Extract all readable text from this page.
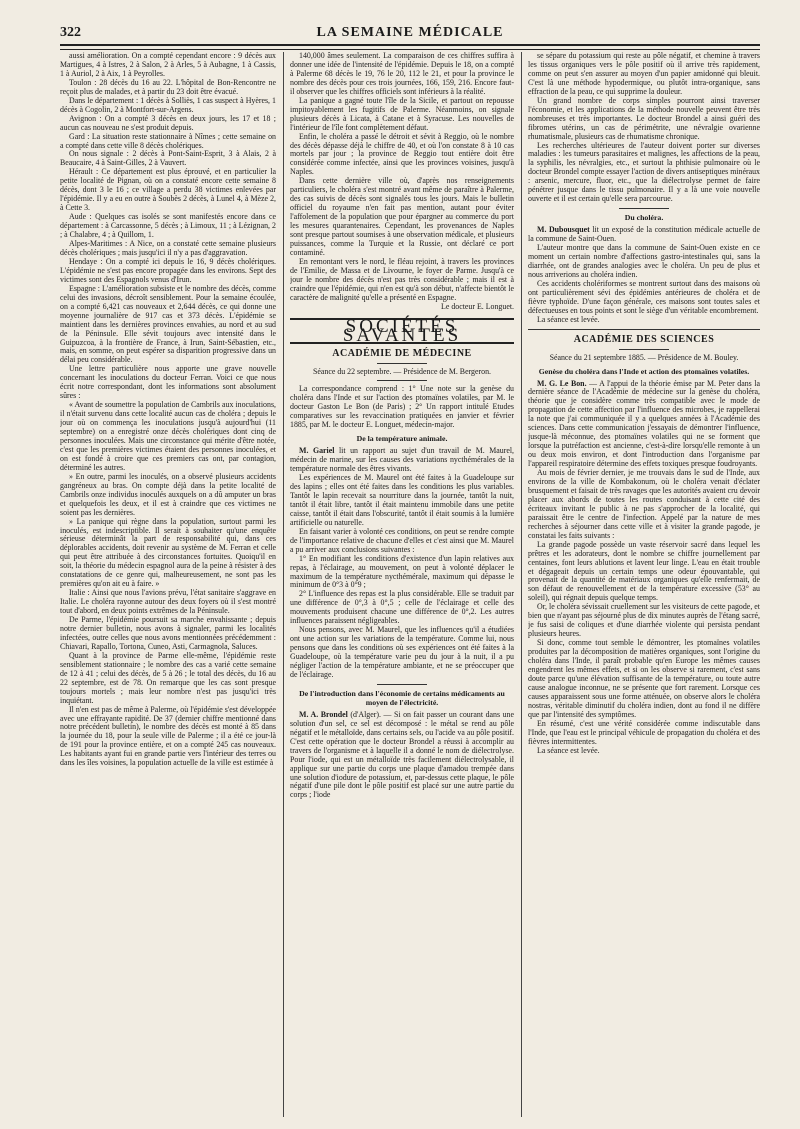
322	LA SEMAINE MÉDICALE

aussi amélioration. On a compté cependant encore : 9 décès aux Martigues, 4 à Istres, 2 à Salon, 2 à Arles, 5 à Aubagne, 1 à Cassis, 1 à Auriol, 2 à Aix, 1 à Peyrolles.

Toulon : 28 décès du 16 au 22. L'hôpital de Bon-Rencontre ne reçoit plus de malades, et à partir du 23 doit être évacué.

Dans le département : 1 décès à Solliès, 1 cas suspect à Hyères, 1 décès à Cogolin, 2 à Montfort-sur-Argens.

Avignon : On a compté 3 décès en deux jours, les 17 et 18 ; aucun cas nouveau ne s'est produit depuis.

Gard : La situation reste stationnaire à Nîmes ; cette semaine on a compté dans cette ville 8 décès cholériques.

On nous signale : 2 décès à Pont-Saint-Esprit, 3 à Alais, 2 à Beaucaire, 4 à Saint-Gilles, 2 à Vauvert.

Hérault : Ce département est plus éprouvé, et en particulier la petite localité de Pignan, où on a constaté encore cette semaine 8 décès, dont 3 le 16 ; ce village a perdu 38 victimes enlevées par l'épidémie. Il y a eu en outre à Soubès 2 décès, à Lunel 4, à Mèze 2, à Cette 3.

Aude : Quelques cas isolés se sont manifestés encore dans ce département : à Carcassonne, 5 décès ; à Limoux, 11 ; à Lézignan, 2 ; à Chalabre, 4 ; à Quillom, 1.

Alpes-Maritimes : A Nice, on a constaté cette semaine plusieurs décès cholériques ; mais jusqu'ici il n'y a pas d'aggravation.

Hendaye : On a compté ici depuis le 16, 9 décès cholériques. L'épidémie ne s'est pas encore propagée dans les environs. Sept des victimes sont des Espagnols venus d'Irun.

Espagne : L'amélioration subsiste et le nombre des décès, comme celui des invasions, décroît sensiblement. Pour la semaine écoulée, on a compté 6,421 cas nouveaux et 2,644 décès, ce qui donne une moyenne journalière de 917 cas et 373 décès. L'épidémie se maintient dans les dernières provinces envahies, au nord et au sud de la Péninsule. Elle sévit toujours avec intensité dans le Guipuzcoa, à la frontière de France, à Irun, Saint-Sébastien, etc., mais, en somme, on peut espérer sa disparition progressive dans un délai peu considérable.

Une lettre particulière nous apporte une grave nouvelle concernant les inoculations du docteur Ferran. Voici ce que nous écrit notre correspondant, dont les informations sont absolument sûres :

« Avant de soumettre la population de Cambrils aux inoculations, il n'était survenu dans cette localité aucun cas de choléra ; depuis le jour où on commença les inoculations jusqu'à aujourd'hui (11 septembre) on a enregistré onze décès cholériques dont cinq de personnes inoculées. Mais une circonstance qui mérite d'être notée, c'est que les premières victimes étaient des personnes inoculées, et on est fondé à croire que ces premiers cas ont, par contagion, déterminé les autres.

» En outre, parmi les inoculés, on a observé plusieurs accidents gangréneux au bras. On compte déjà dans la petite localité de Cambrils onze individus inoculés auxquels on a dû amputer un bras et quelquefois les deux, et il est à craindre que ces victimes ne soient pas les dernières.

» La panique qui règne dans la population, surtout parmi les inoculés, est indescriptible. Il serait à souhaiter qu'une enquête sérieuse déterminât la part de responsabilité qui, dans ces déplorables accidents, doit revenir au système de M. Ferran et celle qui peut être attribuée à des circonstances fortuites. Quoiqu'il en soit, la théorie du médecin espagnol aura de la peine à résister à des constatations de ce genre qui, malheureusement, ne sont pas les premières qu'on ait eu à faire. »

Italie : Ainsi que nous l'avions prévu, l'état sanitaire s'aggrave en Italie. Le choléra rayonne autour des deux foyers où il s'est montré tout d'abord, en deux points extrêmes de la Péninsule.

De Parme, l'épidémie poursuit sa marche envahissante ; depuis notre dernier bulletin, nous avons à signaler, parmi les localités infectées, outre celles que nous avons mentionnées précédemment : Chiavari, Rapallo, Tortona, Cuneo, Asti, Carmagnola, Saluces.

Quant à la province de Parme elle-même, l'épidémie reste sensiblement stationnaire ; le nombre des cas a varié cette semaine de 12 à 41 ; celui des décès, de 5 à 26 ; le total des décès, du 16 au 22 septembre, est de 78. On remarque que les cas sont presque toujours mortels ; mais leur nombre n'est pas jusqu'ici très inquiétant.

Il n'en est pas de même à Palerme, où l'épidémie s'est développée avec une effrayante rapidité. De 37 (dernier chiffre mentionné dans notre précédent bulletin), le nombre des décès est monté à 85 dans la journée du 18, pour la seule ville de Palerme ; il a été ce jour-là de 191 pour la province entière, et on a compté 245 cas nouveaux. Les habitants ayant fui en grande partie vers l'intérieur des terres ou dans les îles voisines, la population actuelle de la ville est estimée à

140,000 âmes seulement. La comparaison de ces chiffres suffira à donner une idée de l'intensité de l'épidémie. Depuis le 18, on a compté à Palerme 68 décès le 19, 76 le 20, 112 le 21, et pour la province le nombre des décès pour ces trois journées, 166, 159, 216. Encore faut-il observer que les chiffres officiels sont inférieurs à la réalité.

La panique a gagné toute l'île de la Sicile, et partout on repousse impitoyablement les fugitifs de Palerme. Néanmoins, on signale plusieurs décès à Licata, à Catane et à Syracuse. Les nouvelles de l'intérieur de l'île font complètement défaut.

Enfin, le choléra a passé le détroit et sévit à Reggio, où le nombre des décès dépasse déjà le chiffre de 40, et où l'on constate 8 à 10 cas mortels par jour ; la province de Reggio tout entière doit être considérée comme infectée, ainsi que les provinces voisines, jusqu'à Naples.

Dans cette dernière ville où, d'après nos renseignements particuliers, le choléra s'est montré avant même de paraître à Palerme, des cas suivis de décès sont signalés tous les jours. Mais le bulletin officiel du royaume n'en fait pas mention, autant pour éviter l'affolement de la population que pour épargner au commerce du port les mesures quarantenaires. Cependant, les provenances de Naples sont presque partout soumises à une observation médicale, et plusieurs puissances, comme la Turquie et la Russie, ont déclaré ce port contaminé.

En remontant vers le nord, le fléau rejoint, à travers les provinces de l'Emilie, de Massa et de Livourne, le foyer de Parme. Jusqu'à ce jour le nombre des décès n'est pas très considérable ; mais il est à craindre que l'épidémie, qui n'en est qu'à son début, n'affecte bientôt le caractère de malignité qu'elle a présenté en Espagne.

Le docteur E. Longuet.

SOCIÉTÉS SAVANTES
ACADÉMIE DE MÉDECINE

Séance du 22 septembre. — Présidence de M. Bergeron.

La correspondance comprend : 1° Une note sur la genèse du choléra dans l'Inde et sur l'action des ptomaïnes volatiles, par M. le docteur Gaston Le Bon (de Paris) ; 2° Un rapport intitulé Etudes comparatives sur les revaccination pratiquées en janvier et février 1885, par M. le docteur E. Longuet, médecin-major.

De la température animale.

M. Gariel lit un rapport au sujet d'un travail de M. Maurel, médecin de marine, sur les causes des variations nycthémérales de la température normale des êtres vivants.

Les expériences de M. Maurel ont été faites à la Guadeloupe sur des lapins ; elles ont été faites dans les conditions les plus variables. Tantôt le lapin recevait sa nourriture dans la journée, tantôt la nuit, tantôt il était libre, tantôt il était maintenu immobile dans une petite caisse, tantôt il était dans l'obscurité, tantôt il était soumis à la lumière artificielle ou naturelle.

En faisant varier à volonté ces conditions, on peut se rendre compte de l'importance relative de chacune d'elles et c'est ainsi que M. Maurel a pu arriver aux conclusions suivantes :

1° En modifiant les conditions d'existence d'un lapin relatives aux repas, à l'éclairage, au mouvement, on peut à volonté déplacer le maximum de la température nycthémérale, maximum qui dépasse le minimum de 0°3 à 0°9 ;

2° L'influence des repas est la plus considérable. Elle se traduit par une différence de 0°,3 à 0°,5 ; celle de l'éclairage et celle des mouvements produisent chacune une différence de 0°,2. Les autres influences paraissent négligeables.

Nous pensons, avec M. Maurel, que les influences qu'il a étudiées ont une action sur les variations de la température. Comme lui, nous pensons que dans les conditions où ses expériences ont été faites à la Guadeloupe, où la température varie peu du jour à la nuit, il a pu négliger l'action de la température ambiante, et ne se préoccuper que de l'éclairage.

De l'introduction dans l'économie de certains médicaments au moyen de l'électricité.

M. A. Brondel (d'Alger). — Si on fait passer un courant dans une solution d'un sel, ce sel est décomposé : le métal se rend au pôle négatif et le métalloïde, dans certains sels, ou l'acide va au pôle positif. C'est cette opération que le docteur Brondel a réussi à accomplir au travers de l'organisme et à laquelle il a donné le nom de diélectrolyse. Pour l'iode, qui est un métalloïde très facilement diélectrolysable, il applique sur une partie du corps une plaque d'amadou trempée dans une solution d'iodure de potassium, et, par-dessus cette plaque, le pôle négatif d'une pile dont le pôle positif est placé sur une autre partie du corps ; l'iode

se sépare du potassium qui reste au pôle négatif, et chemine à travers les tissus organiques vers le pôle positif où il arrive très rapidement, comme on peut s'en assurer au moyen d'un papier amidonné qui bleuit. C'est là une méthode hypodermique, ou plutôt intra-organique, sans effraction de la peau, ce qui supprime la douleur.

Un grand nombre de corps simples pourront ainsi traverser l'économie, et les applications de la méthode nouvelle peuvent être très nombreuses et très importantes. Le docteur Brondel a ainsi guéri des fibromes utérins, un cas de périmétrite, une névralgie ovarienne rhumatismale, plusieurs cas de rhumatisme chronique.

Les recherches ultérieures de l'auteur doivent porter sur diverses maladies : les tumeurs parasitaires et malignes, les affections de la peau, la syphilis, les névralgies, etc., et surtout la phthisie pulmonaire où le docteur Brondel compte essayer l'action de divers antiseptiques minéraux : arsenic, mercure, fluor, etc., que la diélectrolyse permet de faire pénétrer jusque dans le tissu pulmonaire. Il y a là une voie nouvelle ouverte et il est certain qu'elle sera parcourue.

Du choléra.

M. Dubousquet lit un exposé de la constitution médicale actuelle de la commune de Saint-Ouen.

L'auteur montre que dans la commune de Saint-Ouen existe en ce moment un certain nombre d'affections gastro-intestinales qui, sans la diarrhée, ont de grandes analogies avec le choléra. Un peu de plus et nous arriverions au choléra indien.

Ces accidents cholériformes se montrent surtout dans des maisons où ont particulièrement sévi des épidémies antérieures de choléra et de fièvre typhoïde. D'une façon générale, ces maisons sont toutes sales et défectueuses en tous points et sont le siège d'un véritable encombrement.

La séance est levée.

ACADÉMIE DES SCIENCES

Séance du 21 septembre 1885. — Présidence de M. Bouley.

Genèse du choléra dans l'Inde et action des ptomaïnes volatiles.

M. G. Le Bon. — A l'appui de la théorie émise par M. Peter dans la dernière séance de l'Académie de médecine sur la genèse du choléra, théorie que je considère comme très compatible avec le mode de propagation de cette affection par l'influence des microbes, je rappellerai la note que j'ai communiquée il y a quelques années à l'Académie des sciences. Dans cette communication j'essayais de démontrer l'influence, jusque-là méconnue, des ptomaïnes volatiles qui ne se forment que lorsque la putréfaction est ancienne, c'est-à-dire lorsqu'elle remonte à un ou deux mois environ, et dont l'introduction dans l'organisme par l'appareil respiratoire détermine des effets toxiques presque foudroyants.

Au mois de février dernier, je me trouvais dans le sud de l'Inde, aux environs de la ville de Kombakonum, où le choléra venait d'éclater brusquement et faisait de très ravages que les autorités avaient cru devoir placer aux abords de toutes les routes conduisant à cette cité des écriteaux invitant le public à ne pas s'approcher de la localité, qui paraissait être le centre de l'infection. Appelé par la nature de mes recherches à séjourner dans cette ville et à visiter la grande pagode, je constatai les faits suivants :

La grande pagode possède un vaste réservoir sacré dans lequel les prêtres et les adorateurs, dont le nombre se chiffre journellement par centaines, font leurs ablutions et lavent leur linge. L'eau en était trouble et dégageait depuis un certain temps une odeur épouvantable, qui provenait de la quantité de matériaux organiques qu'elle renfermait, de son défaut de renouvellement et de la température excessive (53° au soleil), qui régnait depuis quelque temps.

Or, le choléra sévissait cruellement sur les visiteurs de cette pagode, et bien que n'ayant pas séjourné plus de dix minutes auprès de l'étang sacré, je fus saisi de coliques et d'une diarrhée violente qui persista pendant plusieurs heures.

Si donc, comme tout semble le démontrer, les ptomaïnes volatiles produites par la décomposition de matières organiques, sont l'origine du choléra dans l'Inde, il paraît probable qu'en Europe les mêmes causes engendrent les mêmes effets, et si on les observe si rarement, c'est sans doute parce qu'une élévation suffisante de la température, ou toute autre cause analogue inconnue, ne se présente que fort rarement. Lorsque ces causes apparaissent sous une forme atténuée, on observe alors le choléra nostras, véritable diminutif du choléra indien, dont au fond il ne diffère que par l'intensité des symptômes.

En résumé, c'est une vérité considérée comme indiscutable dans l'Inde, que l'eau est le principal véhicule de propagation du choléra et des fièvres intermittentes.

La séance est levée.
